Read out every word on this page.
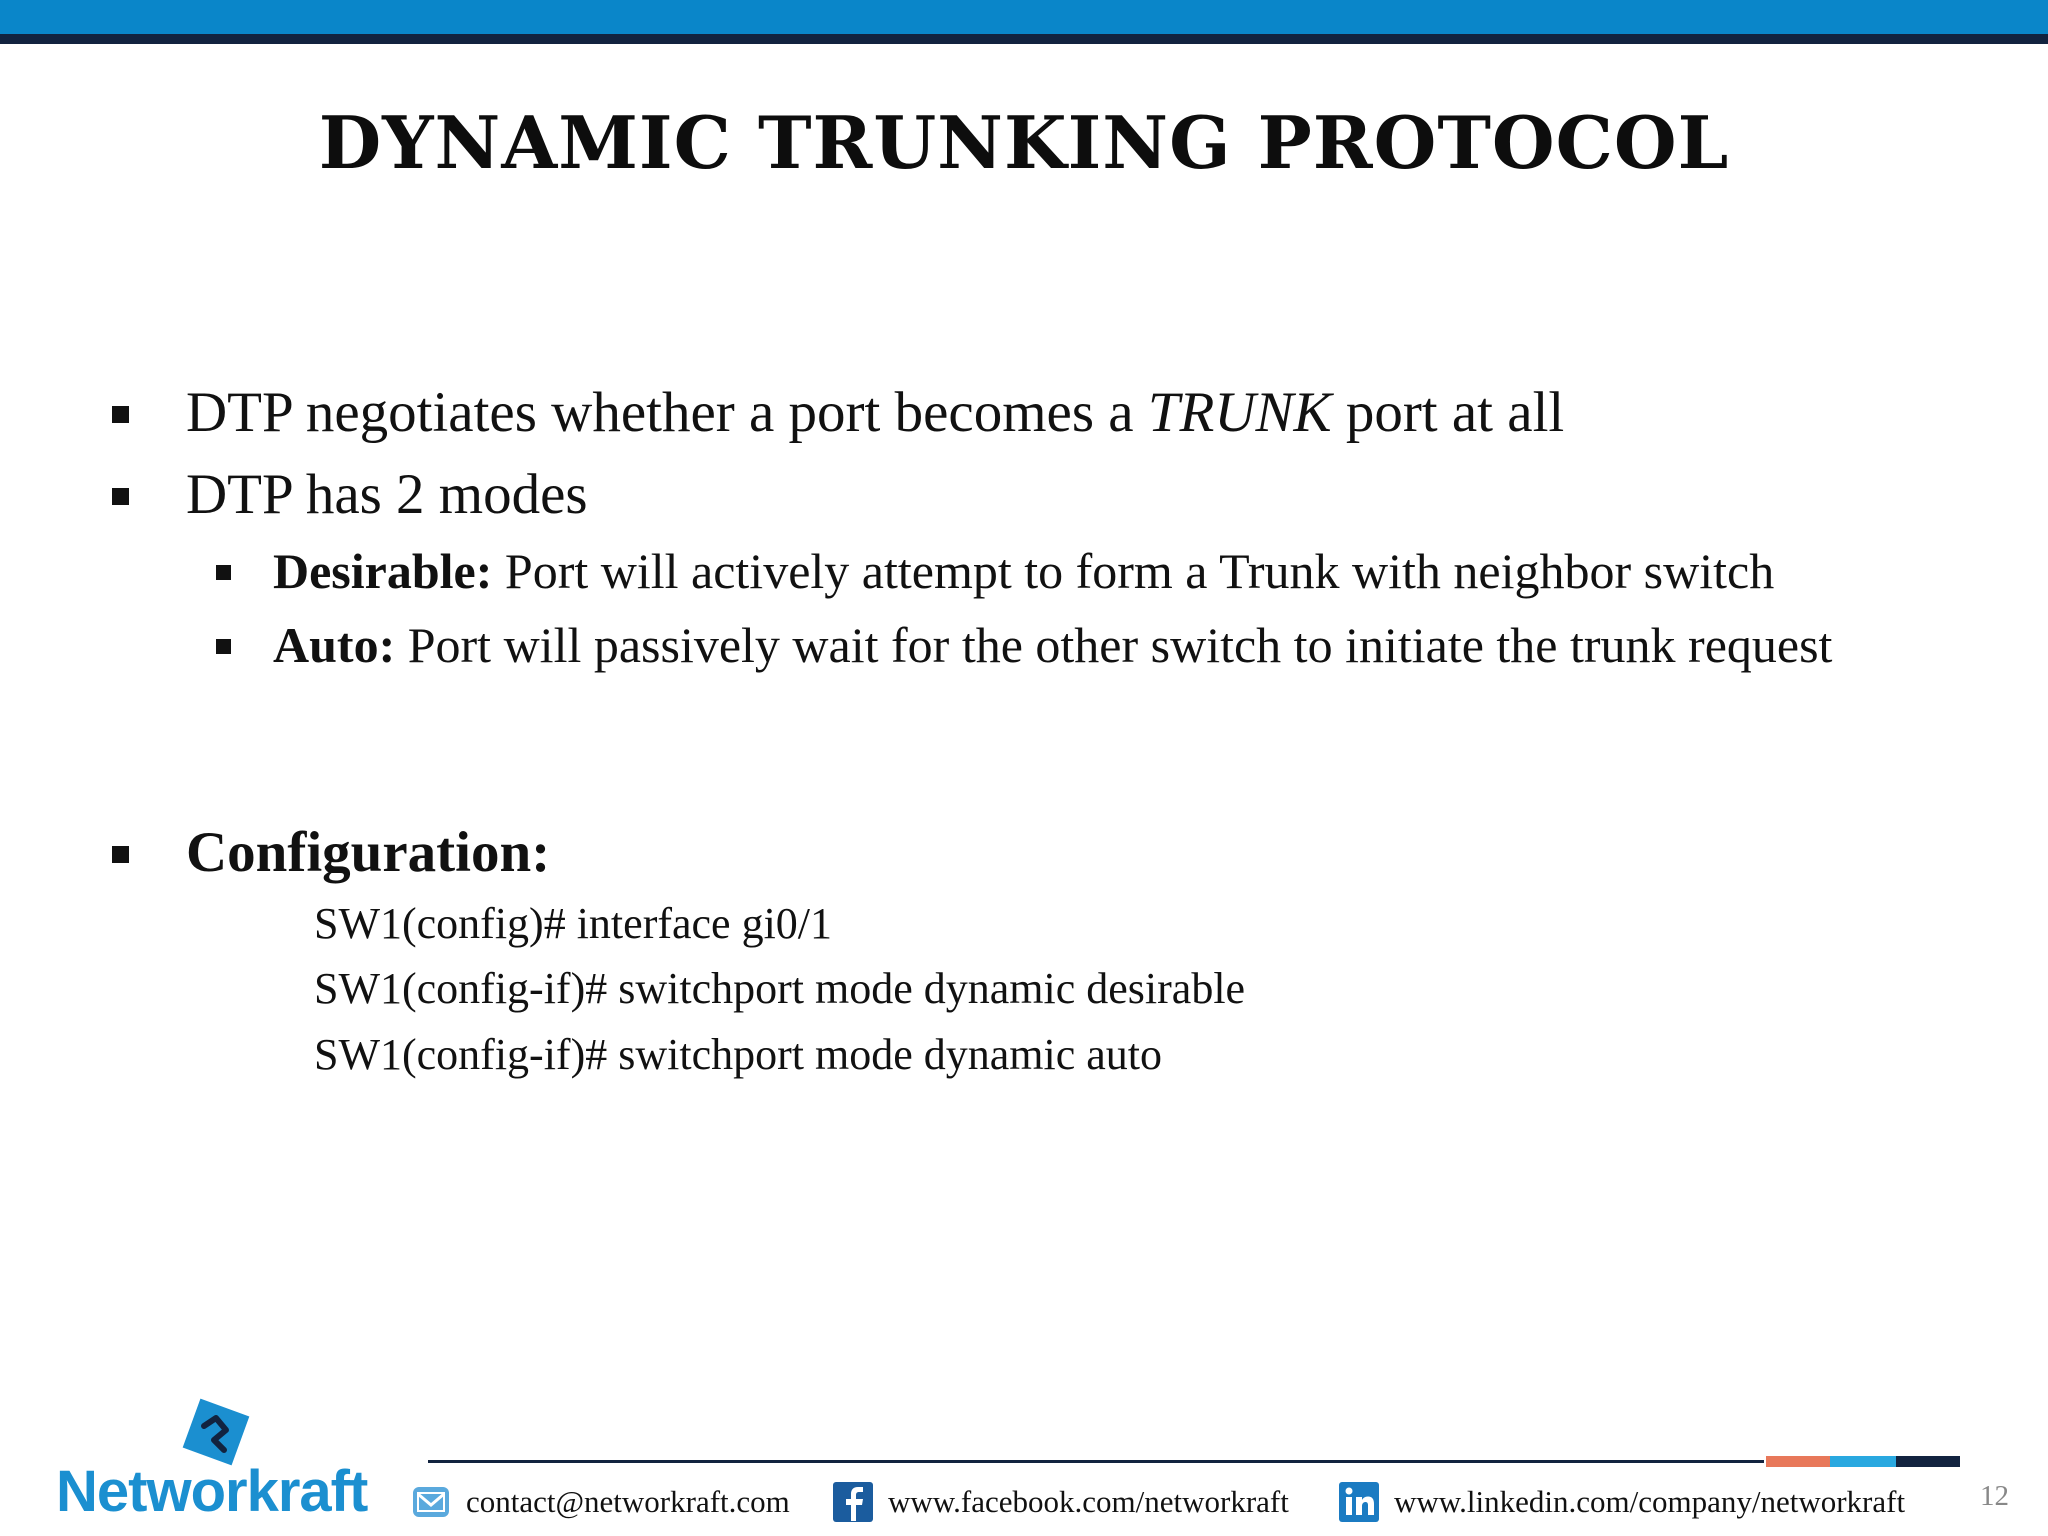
DYNAMIC TRUNKING PROTOCOL
DTP negotiates whether a port becomes a TRUNK port at all
DTP has 2 modes
Desirable: Port will actively attempt to form a Trunk with neighbor switch
Auto: Port will passively wait for the other switch to initiate the trunk request
Configuration:
SW1(config)# interface gi0/1
SW1(config-if)# switchport mode dynamic desirable
SW1(config-if)# switchport mode dynamic auto
Networkraft	contact@networkraft.com	www.facebook.com/networkraft	www.linkedin.com/company/networkraft	12
